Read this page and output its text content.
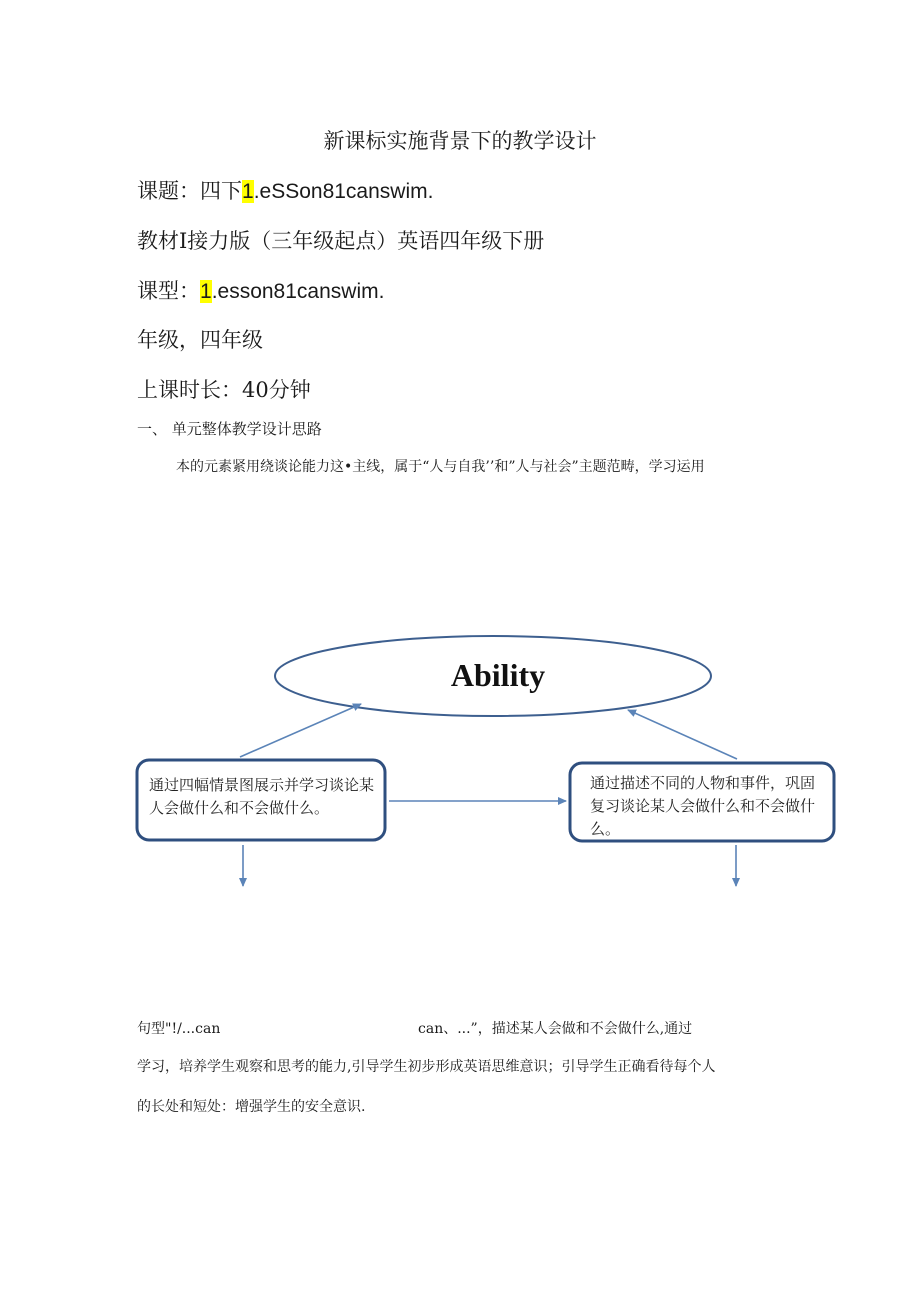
新课标实施背景下的教学设计
课题：四下1.eSSon81canswim.
教材I接力版（三年级起点）英语四年级下册
课型：1.esson81canswim.
年级，四年级
上课时长：40分钟
一、 单元整体教学设计思路
本的元素紧用绕谈论能力这•主线，属于“人与自我’’和”人与社会”主题范畴，学习运用
Ability
通过四幅情景图展示并学习谈论某人会做什么和不会做什么。
通过描述不同的人物和事件，巩固复习谈论某人会做什么和不会做什么。
句型"!/...can	can、...”，描述某人会做和不会做什么,通过
学习，培养学生观察和思考的能力,引导学生初步形成英语思维意识；引导学生正确看待每个人
的长处和短处：增强学生的安全意识.
